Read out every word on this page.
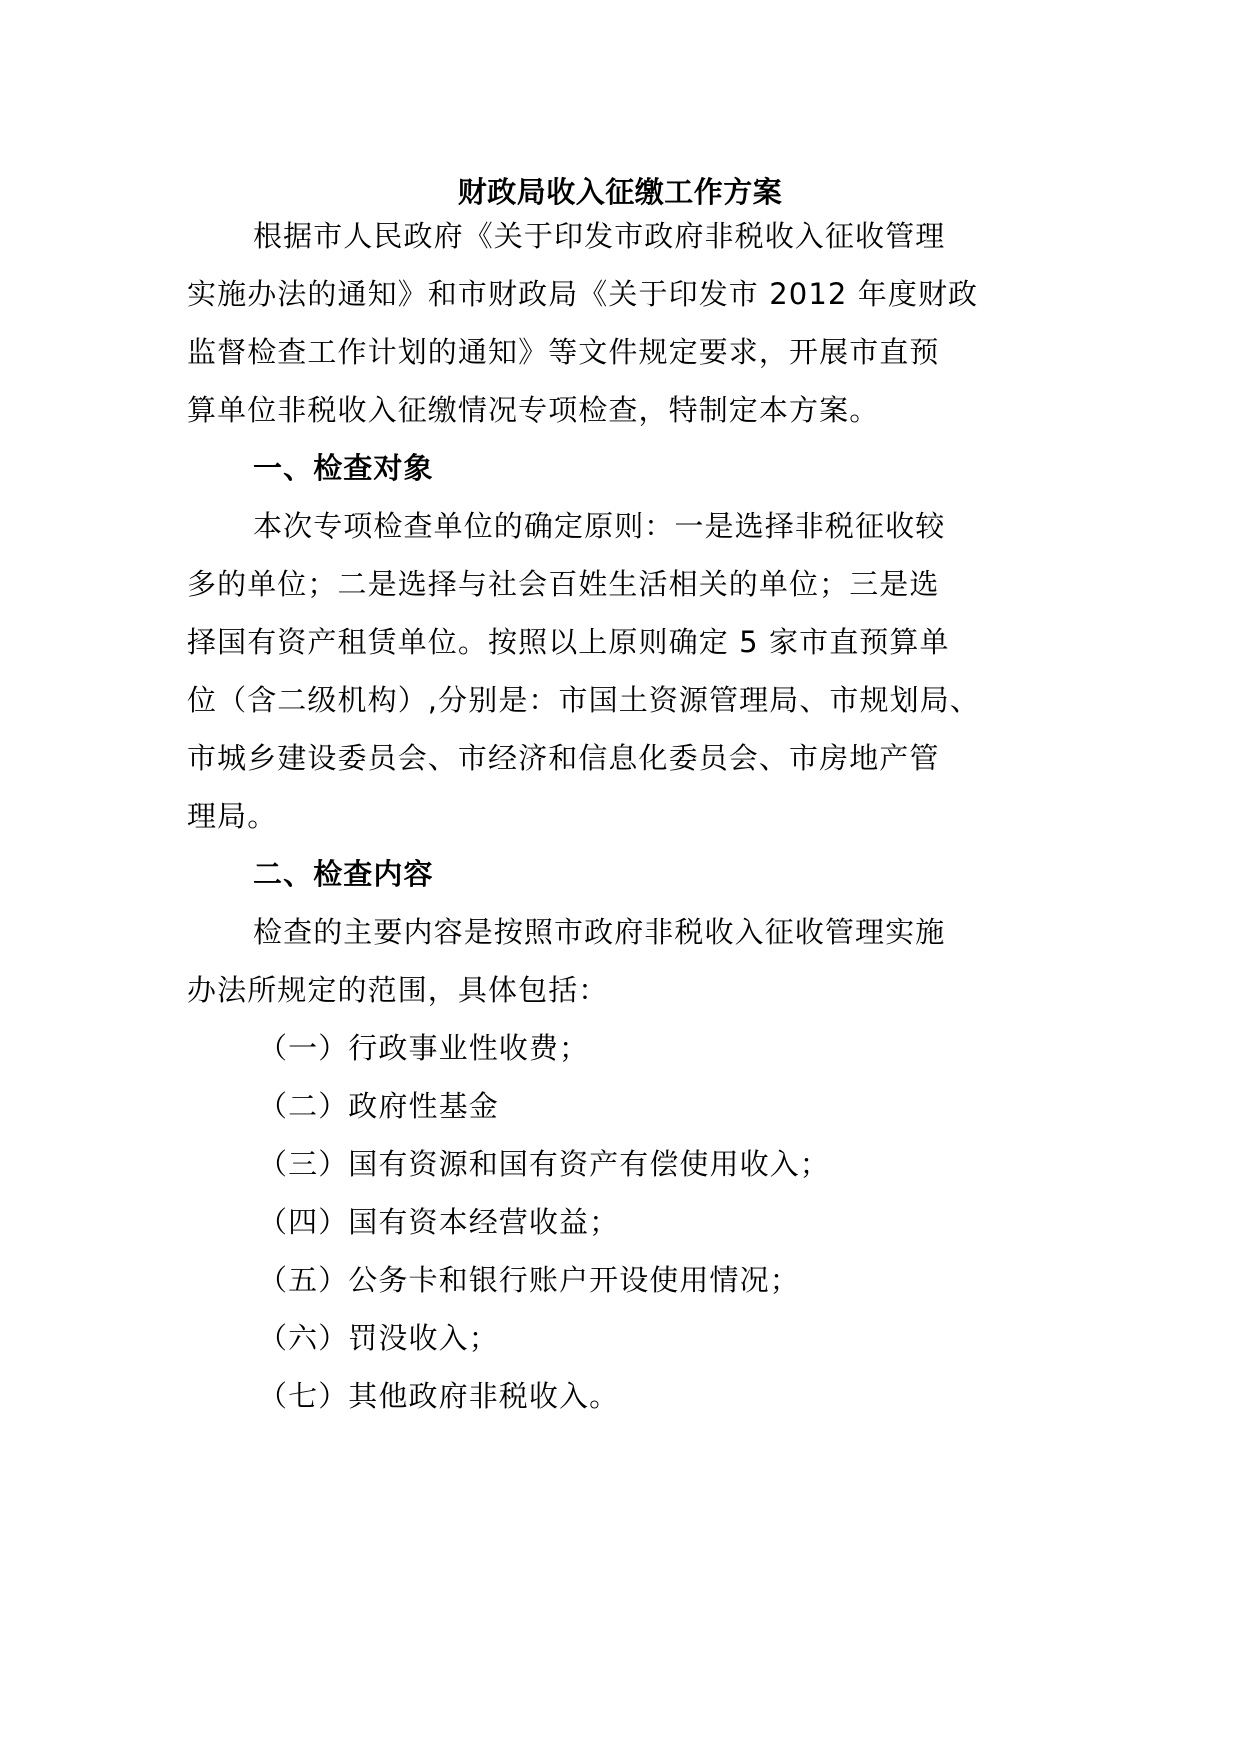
财政局收入征缴工作方案
根据市人民政府《关于印发市政府非税收入征收管理
实施办法的通知》和市财政局《关于印发市 2012 年度财政
监督检查工作计划的通知》等文件规定要求，开展市直预
算单位非税收入征缴情况专项检查，特制定本方案。
一、检查对象
本次专项检查单位的确定原则：一是选择非税征收较
多的单位；二是选择与社会百姓生活相关的单位；三是选
择国有资产租赁单位。按照以上原则确定 5 家市直预算单
位（含二级机构）,分别是：市国土资源管理局、市规划局、
市城乡建设委员会、市经济和信息化委员会、市房地产管
理局。
二、检查内容
检查的主要内容是按照市政府非税收入征收管理实施
办法所规定的范围，具体包括：
（一）行政事业性收费；
（二）政府性基金
（三）国有资源和国有资产有偿使用收入；
（四）国有资本经营收益；
（五）公务卡和银行账户开设使用情况；
（六）罚没收入；
（七）其他政府非税收入。
